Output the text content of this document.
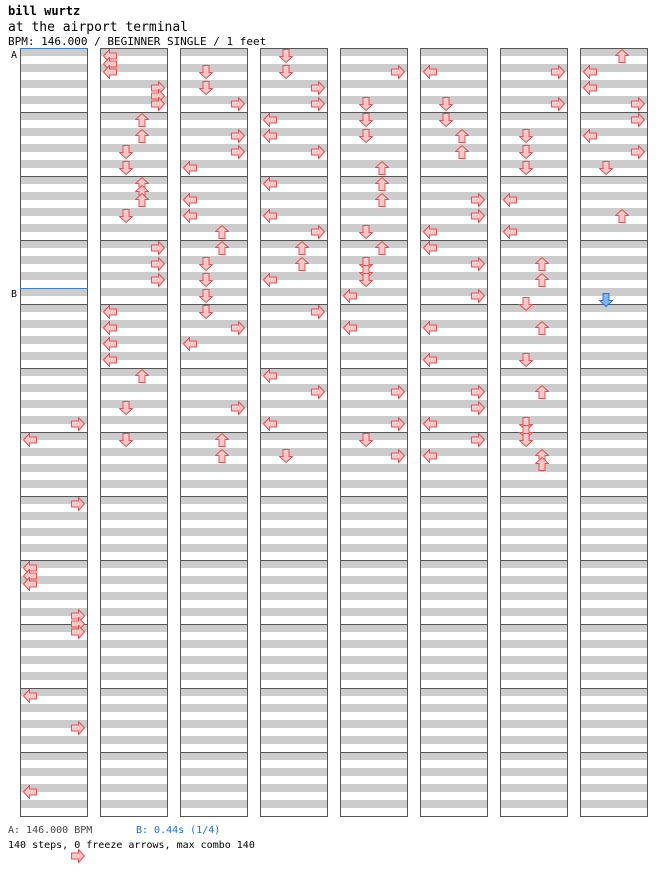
bill wurtz
at the airport terminal
BPM: 146.000 / BEGINNER SINGLE / 1 feet
A
B
A: 146.000 BPM	B: 0.44s (1/4)
140 steps, 0 freeze arrows, max combo 140
